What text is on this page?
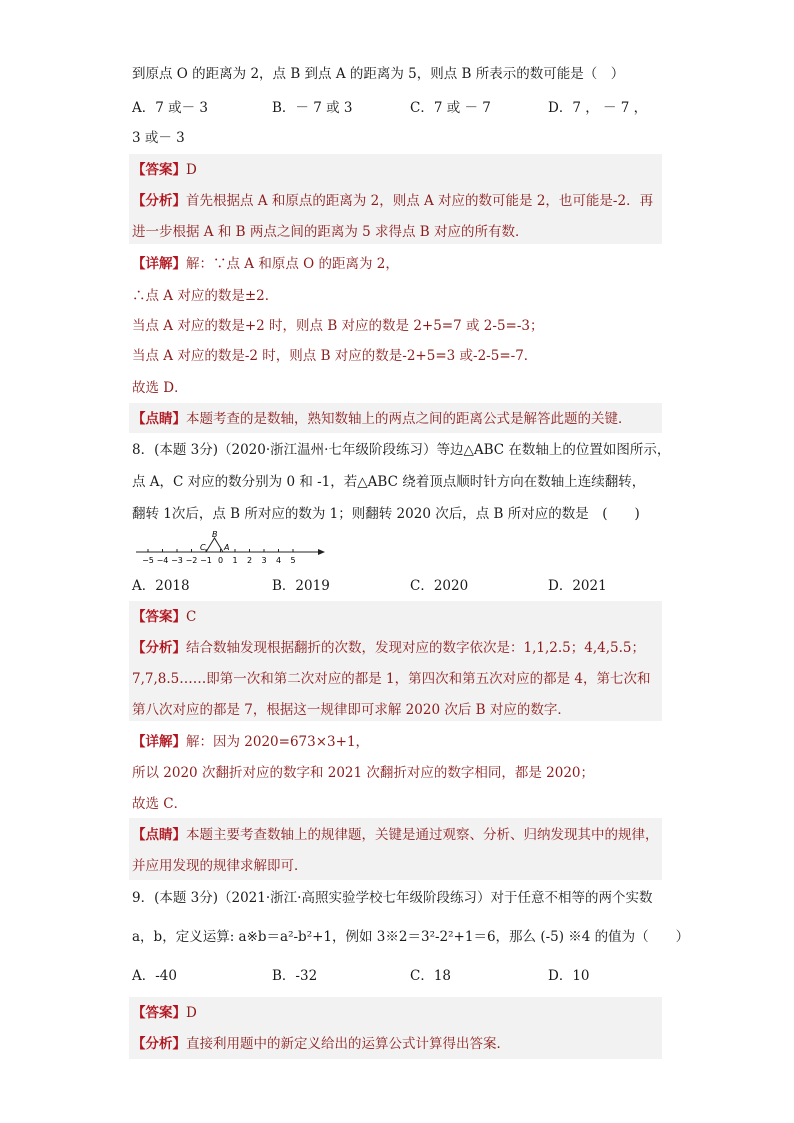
到原点 O 的距离为 2，点 B 到点 A 的距离为 5，则点 B 所表示的数可能是（　）
A．7 或－ 3	B．－ 7 或 3	C．7 或 － 7	D．7 ， － 7 ，
3 或－ 3
【答案】D
【分析】首先根据点 A 和原点的距离为 2，则点 A 对应的数可能是 2，也可能是-2．再
进一步根据 A 和 B 两点之间的距离为 5 求得点 B 对应的所有数．
【详解】解：∵点 A 和原点 O 的距离为 2，
∴点 A 对应的数是±2．
当点 A 对应的数是+2 时，则点 B 对应的数是 2+5=7 或 2-5=-3；
当点 A 对应的数是-2 时，则点 B 对应的数是-2+5=3 或-2-5=-7．
故选 D．
【点睛】本题考查的是数轴，熟知数轴上的两点之间的距离公式是解答此题的关键．
8．(本题 3分)（2020·浙江温州·七年级阶段练习）等边△ABC 在数轴上的位置如图所示，
点 A，C 对应的数分别为 0 和 -1，若△ABC 绕着顶点顺时针方向在数轴上连续翻转，
翻转 1次后，点 B 所对应的数为 1；则翻转 2020 次后，点 B 所对应的数是　(　　)
−5 −4 −3 −2 −1 0 1 2 3 4 5
B
C A
A．2018	B．2019	C．2020	D．2021
【答案】C
【分析】结合数轴发现根据翻折的次数，发现对应的数字依次是：1,1,2.5；4,4,5.5；
7,7,8.5……即第一次和第二次对应的都是 1，第四次和第五次对应的都是 4，第七次和
第八次对应的都是 7，根据这一规律即可求解 2020 次后 B 对应的数字．
【详解】解：因为 2020=673×3+1，
所以 2020 次翻折对应的数字和 2021 次翻折对应的数字相同，都是 2020；
故选 C．
【点睛】本题主要考查数轴上的规律题，关键是通过观察、分析、归纳发现其中的规律，
并应用发现的规律求解即可．
9．(本题 3分)（2021·浙江·高照实验学校七年级阶段练习）对于任意不相等的两个实数
a，b，定义运算: a※b＝a²-b²+1，例如 3※2＝3²-2²+1＝6，那么 (-5) ※4 的值为（　　）
A．-40	B．-32	C．18	D．10
【答案】D
【分析】直接利用题中的新定义给出的运算公式计算得出答案．
